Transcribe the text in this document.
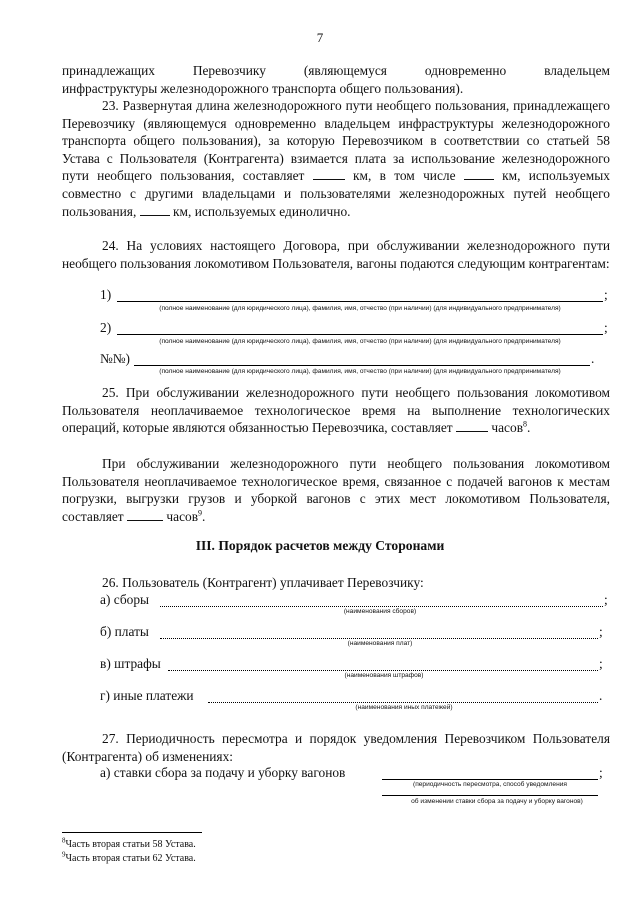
7
принадлежащих Перевозчику (являющемуся одновременно владельцем
инфраструктуры железнодорожного транспорта общего пользования).
23. Развернутая длина железнодорожного пути необщего пользования, принадлежащего Перевозчику (являющемуся одновременно владельцем инфраструктуры железнодорожного транспорта общего пользования), за которую Перевозчиком в соответствии со статьей 58 Устава с Пользователя (Контрагента) взимается плата за использование железнодорожного пути необщего пользования, составляет	км, в том числе	км, используемых совместно с другими владельцами и пользователями железнодорожных путей необщего пользования,	км, используемых единолично.
24. На условиях настоящего Договора, при обслуживании железнодорожного пути необщего пользования локомотивом Пользователя, вагоны подаются следующим контрагентам:
1)	;
(полное наименование (для юридического лица), фамилия, имя, отчество (при наличии) (для индивидуального предпринимателя)
2)	;
(полное наименование (для юридического лица), фамилия, имя, отчество (при наличии) (для индивидуального предпринимателя)
№№)	.
(полное наименование (для юридического лица), фамилия, имя, отчество (при наличии) (для индивидуального предпринимателя)
25. При обслуживании железнодорожного пути необщего пользования локомотивом Пользователя неоплачиваемое технологическое время на выполнение технологических операций, которые являются обязанностью Перевозчика, составляет	часов$^8$.
При обслуживании железнодорожного пути необщего пользования локомотивом Пользователя неоплачиваемое технологическое время, связанное с подачей вагонов к местам погрузки, выгрузки грузов и уборкой вагонов с этих мест локомотивом Пользователя, составляет	часов$^9$.
III. Порядок расчетов между Сторонами
26. Пользователь (Контрагент) уплачивает Перевозчику:
а) сборы	;
(наименования сборов)
б) платы	;
(наименования плат)
в) штрафы	;
(наименования штрафов)
г) иные платежи	.
(наименования иных платежей)
27. Периодичность пересмотра и порядок уведомления Перевозчиком Пользователя (Контрагента) об изменениях:
а) ставки сбора за подачу и уборку вагонов	;
(периодичность пересмотра, способ уведомления
об изменении ставки сбора за подачу и уборку вагонов)
$^8$Часть вторая статьи 58 Устава.
$^9$Часть вторая статьи 62 Устава.
